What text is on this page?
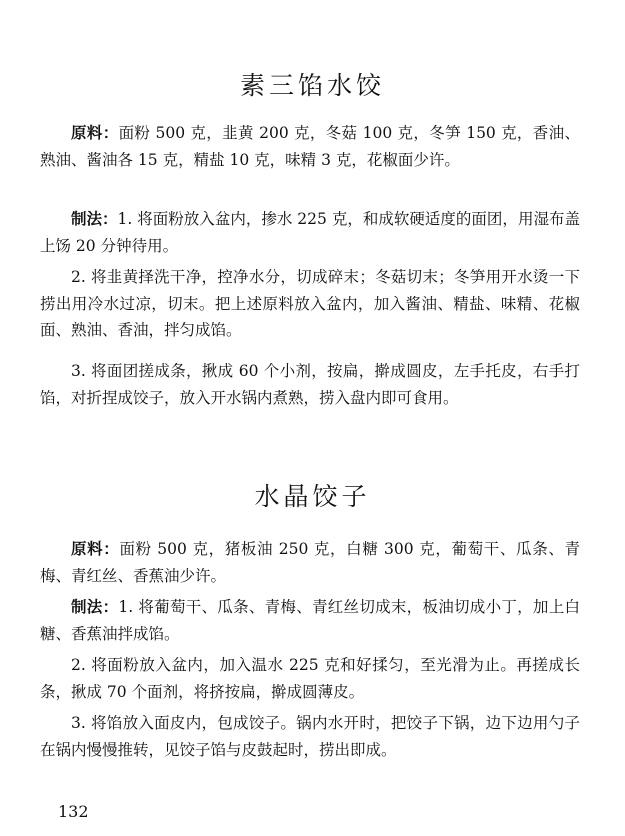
素三馅水饺

原料：面粉 500 克，韭黄 200 克，冬菇 100 克，冬笋 150 克，香油、熟油、酱油各 15 克，精盐 10 克，味精 3 克，花椒面少许。

制法：1. 将面粉放入盆内，掺水 225 克，和成软硬适度的面团，用湿布盖上饧 20 分钟待用。

2. 将韭黄择洗干净，控净水分，切成碎末；冬菇切末；冬笋用开水烫一下捞出用冷水过凉，切末。把上述原料放入盆内，加入酱油、精盐、味精、花椒面、熟油、香油，拌匀成馅。

3. 将面团搓成条，揪成 60 个小剂，按扁，擀成圆皮，左手托皮，右手打馅，对折捏成饺子，放入开水锅内煮熟，捞入盘内即可食用。

水晶饺子

原料：面粉 500 克，猪板油 250 克，白糖 300 克，葡萄干、瓜条、青梅、青红丝、香蕉油少许。

制法：1. 将葡萄干、瓜条、青梅、青红丝切成末，板油切成小丁，加上白糖、香蕉油拌成馅。

2. 将面粉放入盆内，加入温水 225 克和好揉匀，至光滑为止。再搓成长条，揪成 70 个面剂，将挤按扁，擀成圆薄皮。

3. 将馅放入面皮内，包成饺子。锅内水开时，把饺子下锅，边下边用勺子在锅内慢慢推转，见饺子馅与皮鼓起时，捞出即成。

132
